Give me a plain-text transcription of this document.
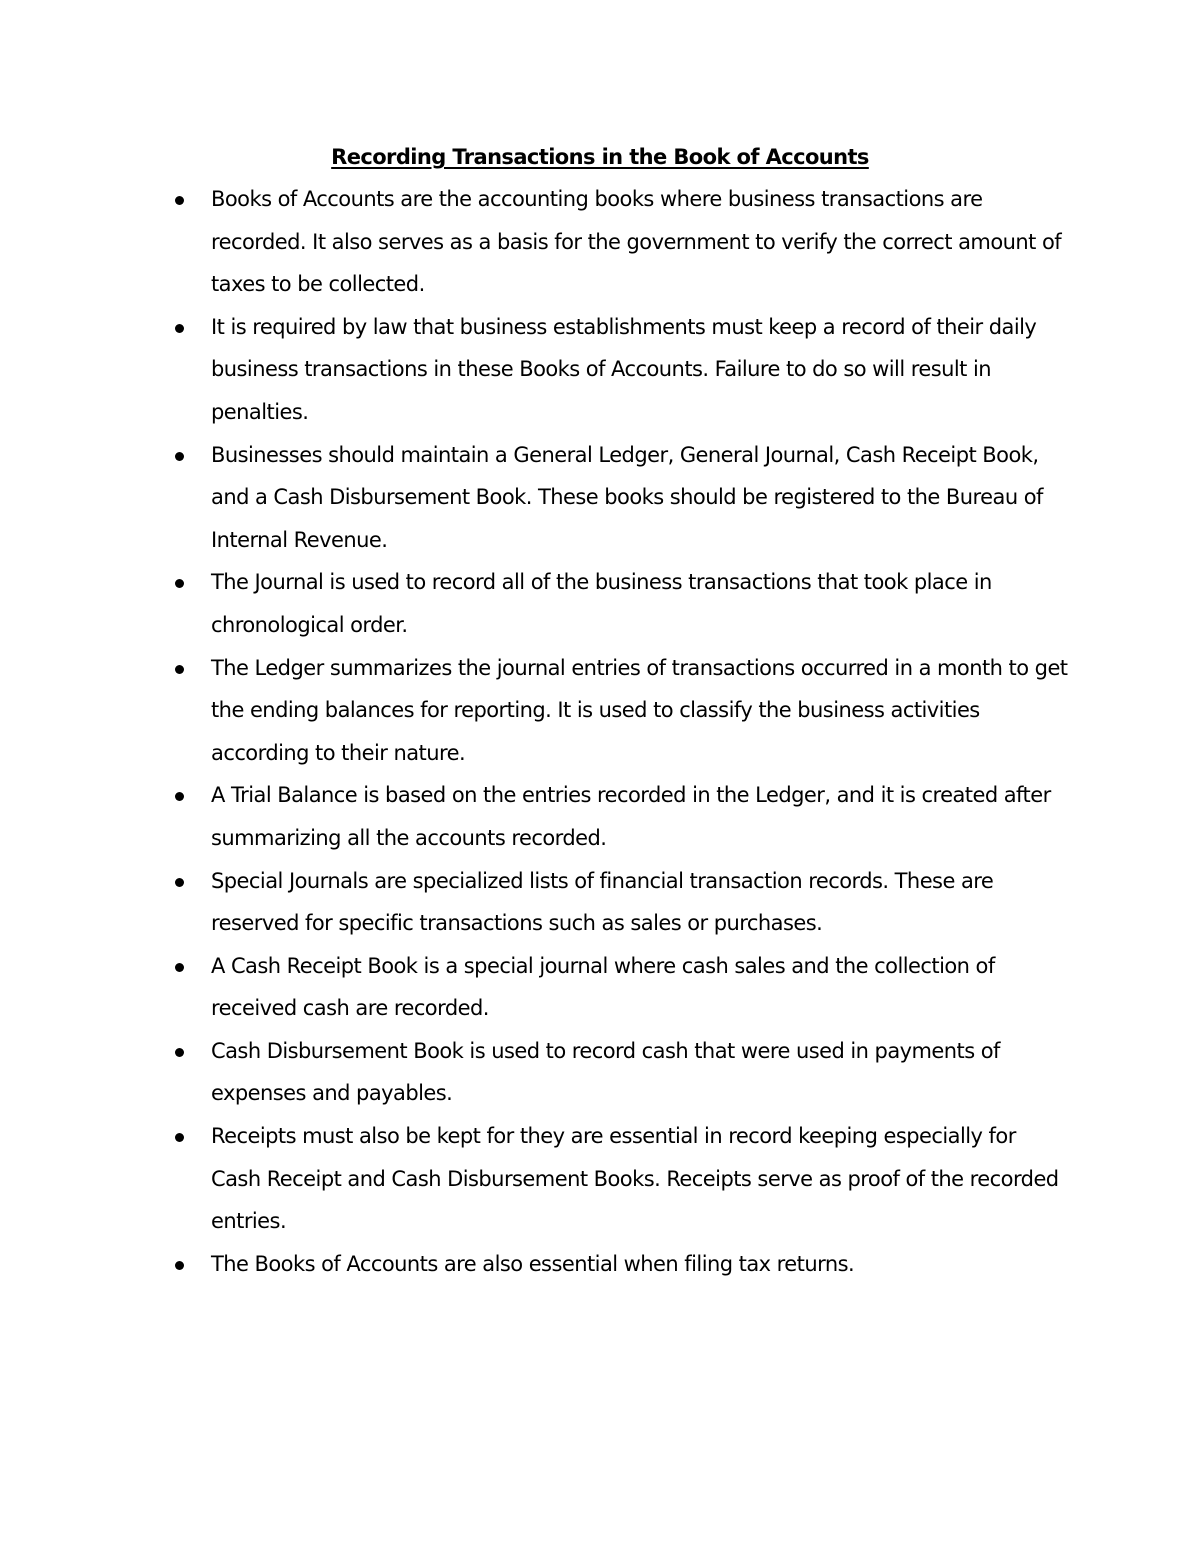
Recording Transactions in the Book of Accounts
Books of Accounts are the accounting books where business transactions are recorded. It also serves as a basis for the government to verify the correct amount of taxes to be collected.
It is required by law that business establishments must keep a record of their daily business transactions in these Books of Accounts. Failure to do so will result in penalties.
Businesses should maintain a General Ledger, General Journal, Cash Receipt Book, and a Cash Disbursement Book. These books should be registered to the Bureau of Internal Revenue.
The Journal is used to record all of the business transactions that took place in chronological order.
The Ledger summarizes the journal entries of transactions occurred in a month to get the ending balances for reporting. It is used to classify the business activities according to their nature.
A Trial Balance is based on the entries recorded in the Ledger, and it is created after summarizing all the accounts recorded.
Special Journals are specialized lists of financial transaction records. These are reserved for specific transactions such as sales or purchases.
A Cash Receipt Book is a special journal where cash sales and the collection of received cash are recorded.
Cash Disbursement Book is used to record cash that were used in payments of expenses and payables.
Receipts must also be kept for they are essential in record keeping especially for Cash Receipt and Cash Disbursement Books. Receipts serve as proof of the recorded entries.
The Books of Accounts are also essential when filing tax returns.
